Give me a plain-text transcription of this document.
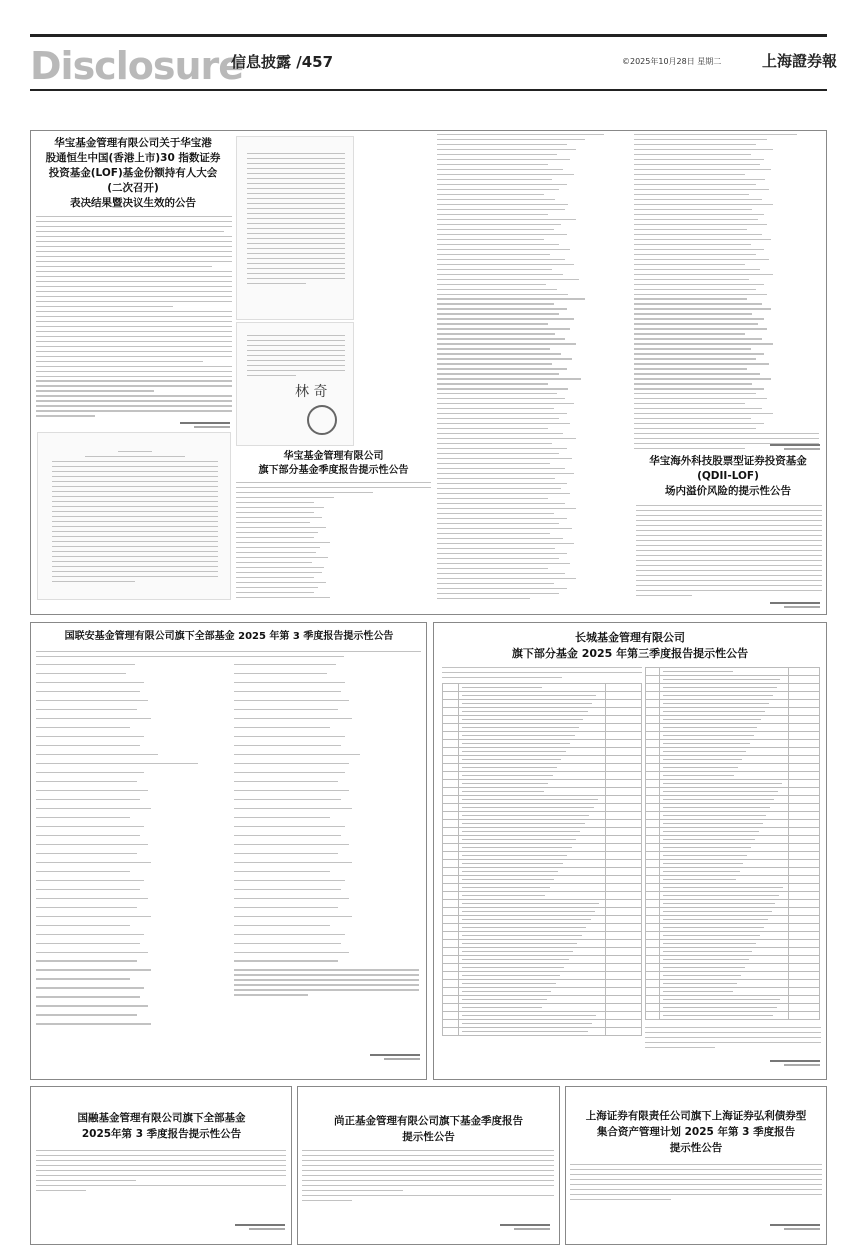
Disclosure
信息披露 /457	©2025年10月28日 星期二	上海證券報
华宝基金管理有限公司关于华宝港
股通恒生中国(香港上市)30 指数证券
投资基金(LOF)基金份额持有人大会
(二次召开)
表决结果暨决议生效的公告
林 奇
华宝基金管理有限公司
旗下部分基金季度报告提示性公告
华宝海外科技股票型证券投资基金
(QDII-LOF)
场内溢价风险的提示性公告
国联安基金管理有限公司旗下全部基金 2025 年第 3 季度报告提示性公告	长城基金管理有限公司
旗下部分基金 2025 年第三季度报告提示性公告

国融基金管理有限公司旗下全部基金
2025年第 3 季度报告提示性公告
尚正基金管理有限公司旗下基金季度报告
提示性公告
上海证券有限责任公司旗下上海证券弘利债券型
集合资产管理计划 2025 年第 3 季度报告
提示性公告
